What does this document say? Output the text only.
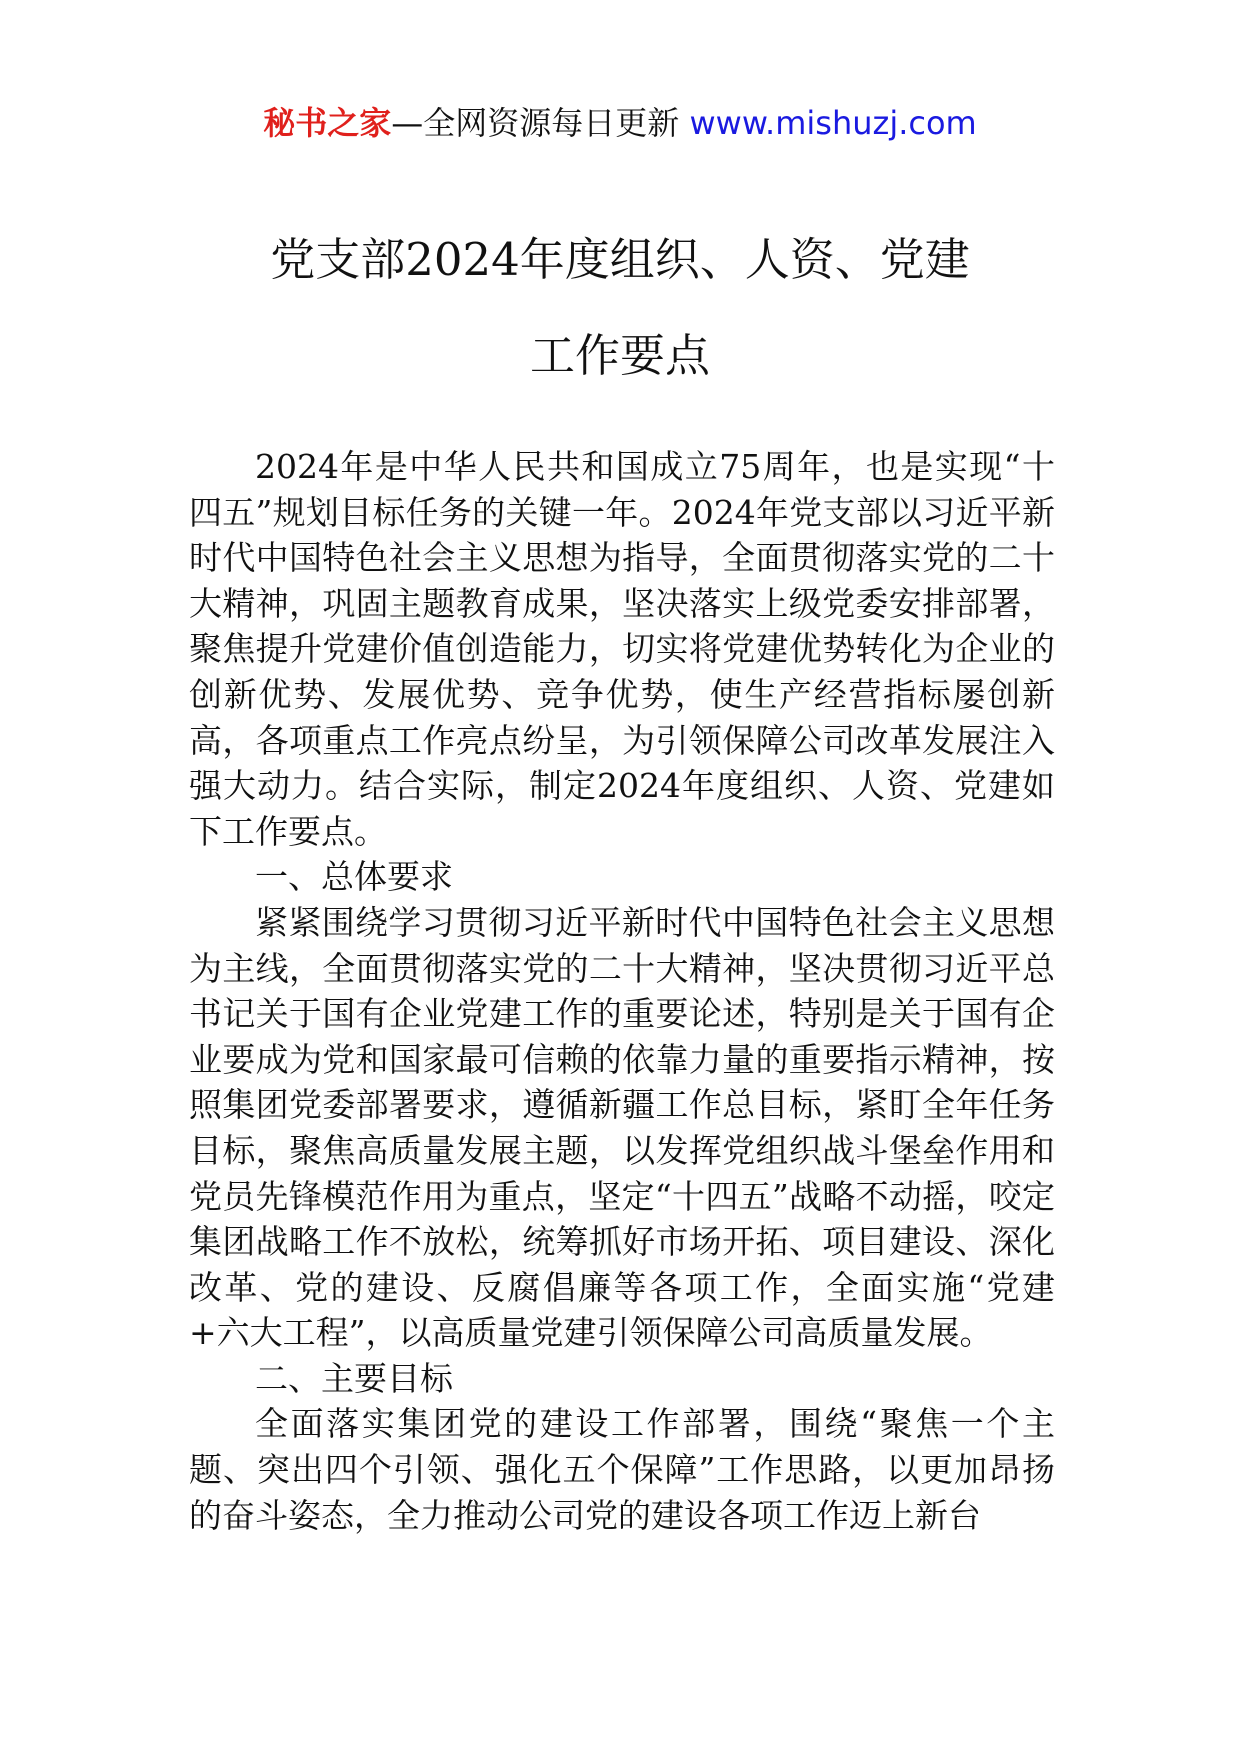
秘书之家—全网资源每日更新 www.mishuzj.com
党支部2024年度组织、人资、党建
工作要点

2024年是中华人民共和国成立75周年，也是实现“十四五”规划目标任务的关键一年。2024年党支部以习近平新时代中国特色社会主义思想为指导，全面贯彻落实党的二十大精神，巩固主题教育成果，坚决落实上级党委安排部署，聚焦提升党建价值创造能力，切实将党建优势转化为企业的创新优势、发展优势、竞争优势，使生产经营指标屡创新高，各项重点工作亮点纷呈，为引领保障公司改革发展注入强大动力。结合实际，制定2024年度组织、人资、党建如下工作要点。

一、总体要求

紧紧围绕学习贯彻习近平新时代中国特色社会主义思想为主线，全面贯彻落实党的二十大精神，坚决贯彻习近平总书记关于国有企业党建工作的重要论述，特别是关于国有企业要成为党和国家最可信赖的依靠力量的重要指示精神，按照集团党委部署要求，遵循新疆工作总目标，紧盯全年任务目标，聚焦高质量发展主题，以发挥党组织战斗堡垒作用和党员先锋模范作用为重点，坚定“十四五”战略不动摇，咬定集团战略工作不放松，统筹抓好市场开拓、项目建设、深化改革、党的建设、反腐倡廉等各项工作，全面实施“党建+六大工程”，以高质量党建引领保障公司高质量发展。

二、主要目标

全面落实集团党的建设工作部署，围绕“聚焦一个主题、突出四个引领、强化五个保障”工作思路，以更加昂扬的奋斗姿态，全力推动公司党的建设各项工作迈上新台
